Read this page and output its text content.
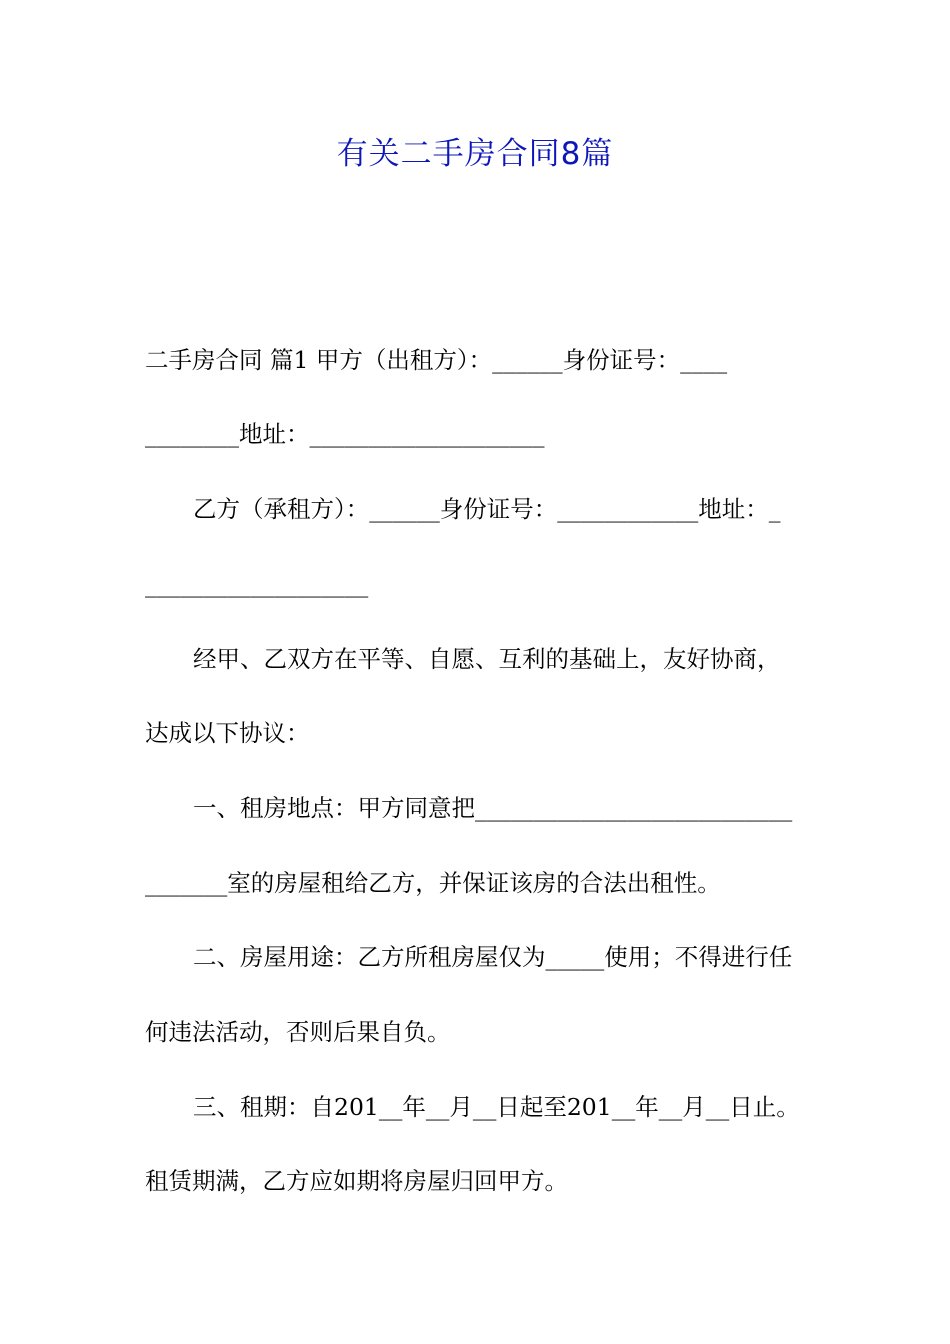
有关二手房合同8篇
二手房合同 篇1 甲方（出租方）：______身份证号：____
________地址：____________________
乙方（承租方）：______身份证号：____________地址：_
___________________
经甲、乙双方在平等、自愿、互利的基础上，友好协商，
达成以下协议：
一、租房地点：甲方同意把___________________________
_______室的房屋租给乙方，并保证该房的合法出租性。
二、房屋用途：乙方所租房屋仅为_____使用；不得进行任
何违法活动，否则后果自负。
三、租期：自201__年__月__日起至201__年__月__日止。
租赁期满，乙方应如期将房屋归回甲方。
